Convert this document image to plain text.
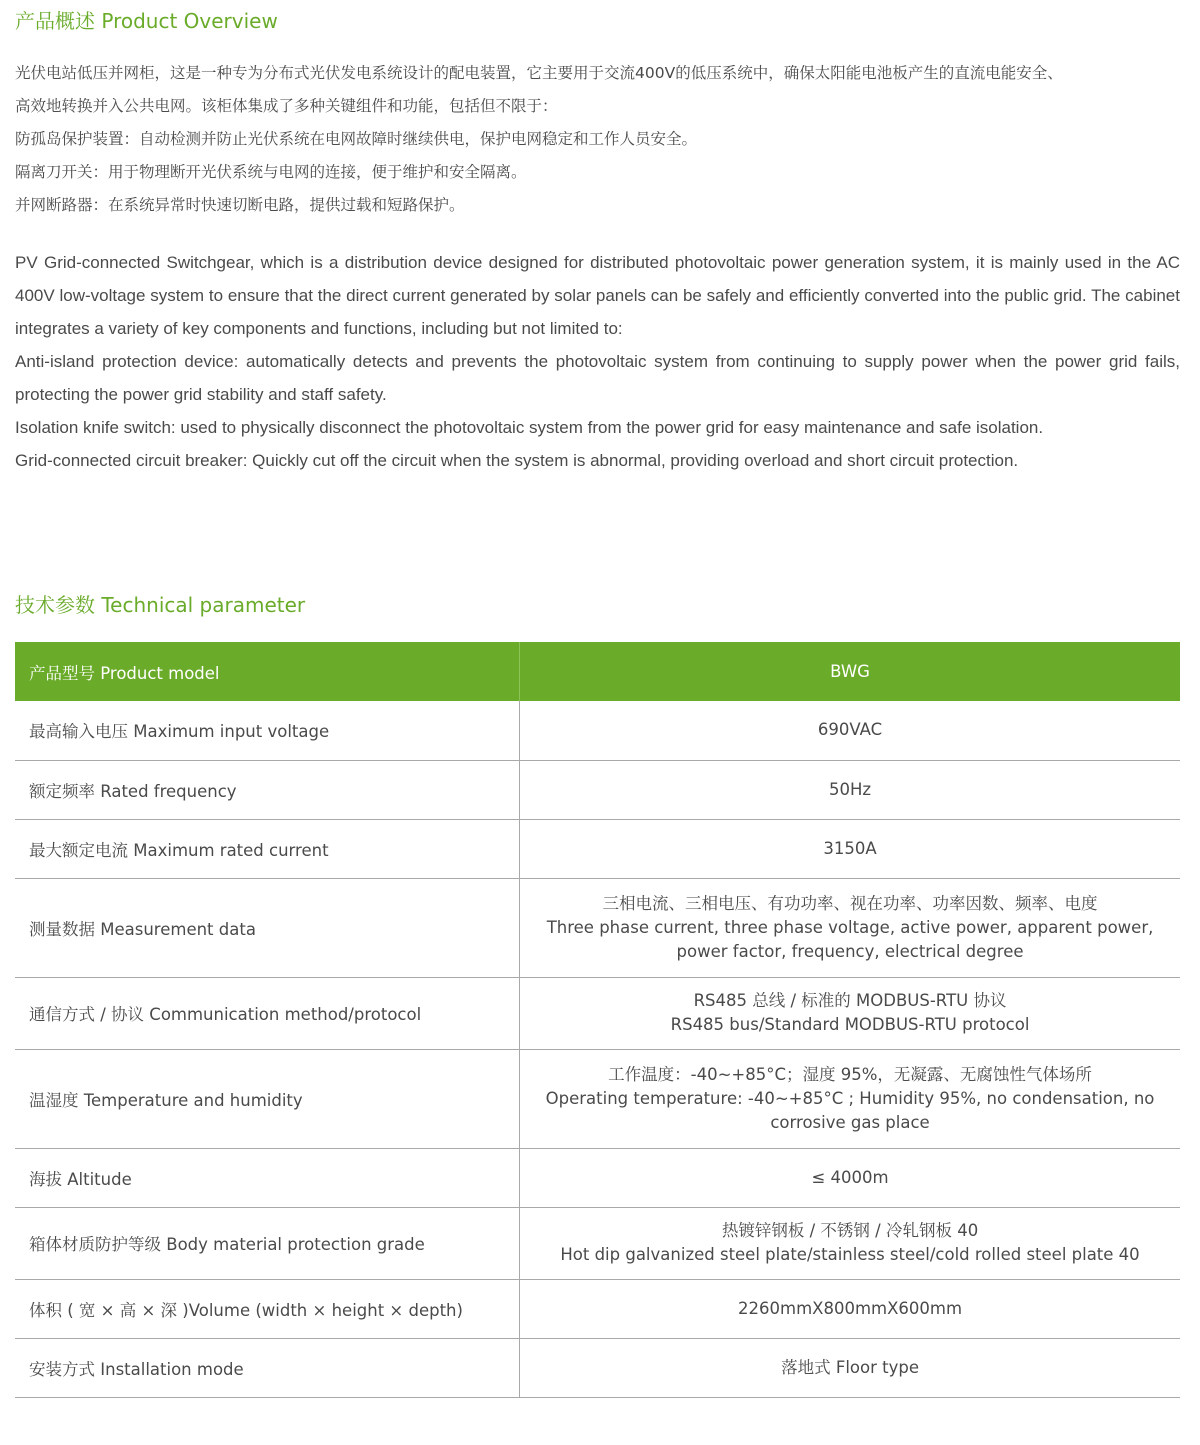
产品概述 Product Overview

光伏电站低压并网柜，这是一种专为分布式光伏发电系统设计的配电装置，它主要用于交流400V的低压系统中，确保太阳能电池板产生的直流电能安全、

高效地转换并入公共电网。该柜体集成了多种关键组件和功能，包括但不限于：

防孤岛保护装置：自动检测并防止光伏系统在电网故障时继续供电，保护电网稳定和工作人员安全。

隔离刀开关：用于物理断开光伏系统与电网的连接，便于维护和安全隔离。

并网断路器：在系统异常时快速切断电路，提供过载和短路保护。

PV Grid-connected Switchgear, which is a distribution device designed for distributed photovoltaic power generation system, it is mainly used in the AC 400V low-voltage system to ensure that the direct current generated by solar panels can be safely and efficiently converted into the public grid. The cabinet integrates a variety of key components and functions, including but not limited to:

Anti-island protection device: automatically detects and prevents the photovoltaic system from continuing to supply power when the power grid fails, protecting the power grid stability and staff safety.

Isolation knife switch: used to physically disconnect the photovoltaic system from the power grid for easy maintenance and safe isolation.

Grid-connected circuit breaker: Quickly cut off the circuit when the system is abnormal, providing overload and short circuit protection.

技术参数 Technical parameter
产品型号 Product model	BWG
最高输入电压 Maximum input voltage	690VAC

额定频率 Rated frequency	50Hz

最大额定电流 Maximum rated current	3150A

测量数据 Measurement data	三相电流、三相电压、有功功率、视在功率、功率因数、频率、电度
Three phase current, three phase voltage, active power, apparent power,
power factor, frequency, electrical degree

通信方式 / 协议 Communication method/protocol	RS485 总线 / 标准的 MODBUS-RTU 协议
RS485 bus/Standard MODBUS-RTU protocol

温湿度 Temperature and humidity	工作温度：-40~+85°C；湿度 95%，无凝露、无腐蚀性气体场所
Operating temperature: -40~+85°C ; Humidity 95%, no condensation, no
corrosive gas place

海拔 Altitude	≤ 4000m

箱体材质防护等级 Body material protection grade	热镀锌钢板 / 不锈钢 / 冷轧钢板 40
Hot dip galvanized steel plate/stainless steel/cold rolled steel plate 40

体积 ( 宽 × 高 × 深 )Volume (width × height × depth)	2260mmX800mmX600mm

安装方式 Installation mode	落地式 Floor type
